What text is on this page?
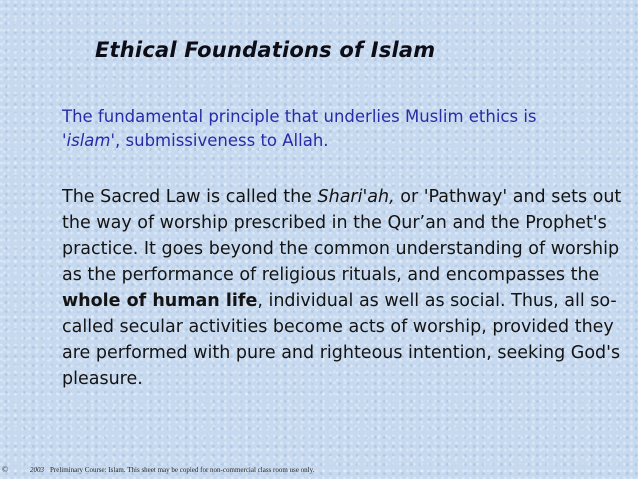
Ethical Foundations of Islam

The fundamental principle that underlies Muslim ethics is 'islam', submissiveness to Allah.

The Sacred Law is called the Shari'ah, or 'Pathway' and sets out the way of worship prescribed in the Qur’an and the Prophet's practice. It goes beyond the common understanding of worship as the performance of religious rituals, and encompasses the whole of human life, individual as well as social. Thus, all so-called secular activities become acts of worship, provided they are performed with pure and righteous intention, seeking God's pleasure.

©	2003 Preliminary Course: Islam. This sheet may be copied for non-commercial class room use only.
